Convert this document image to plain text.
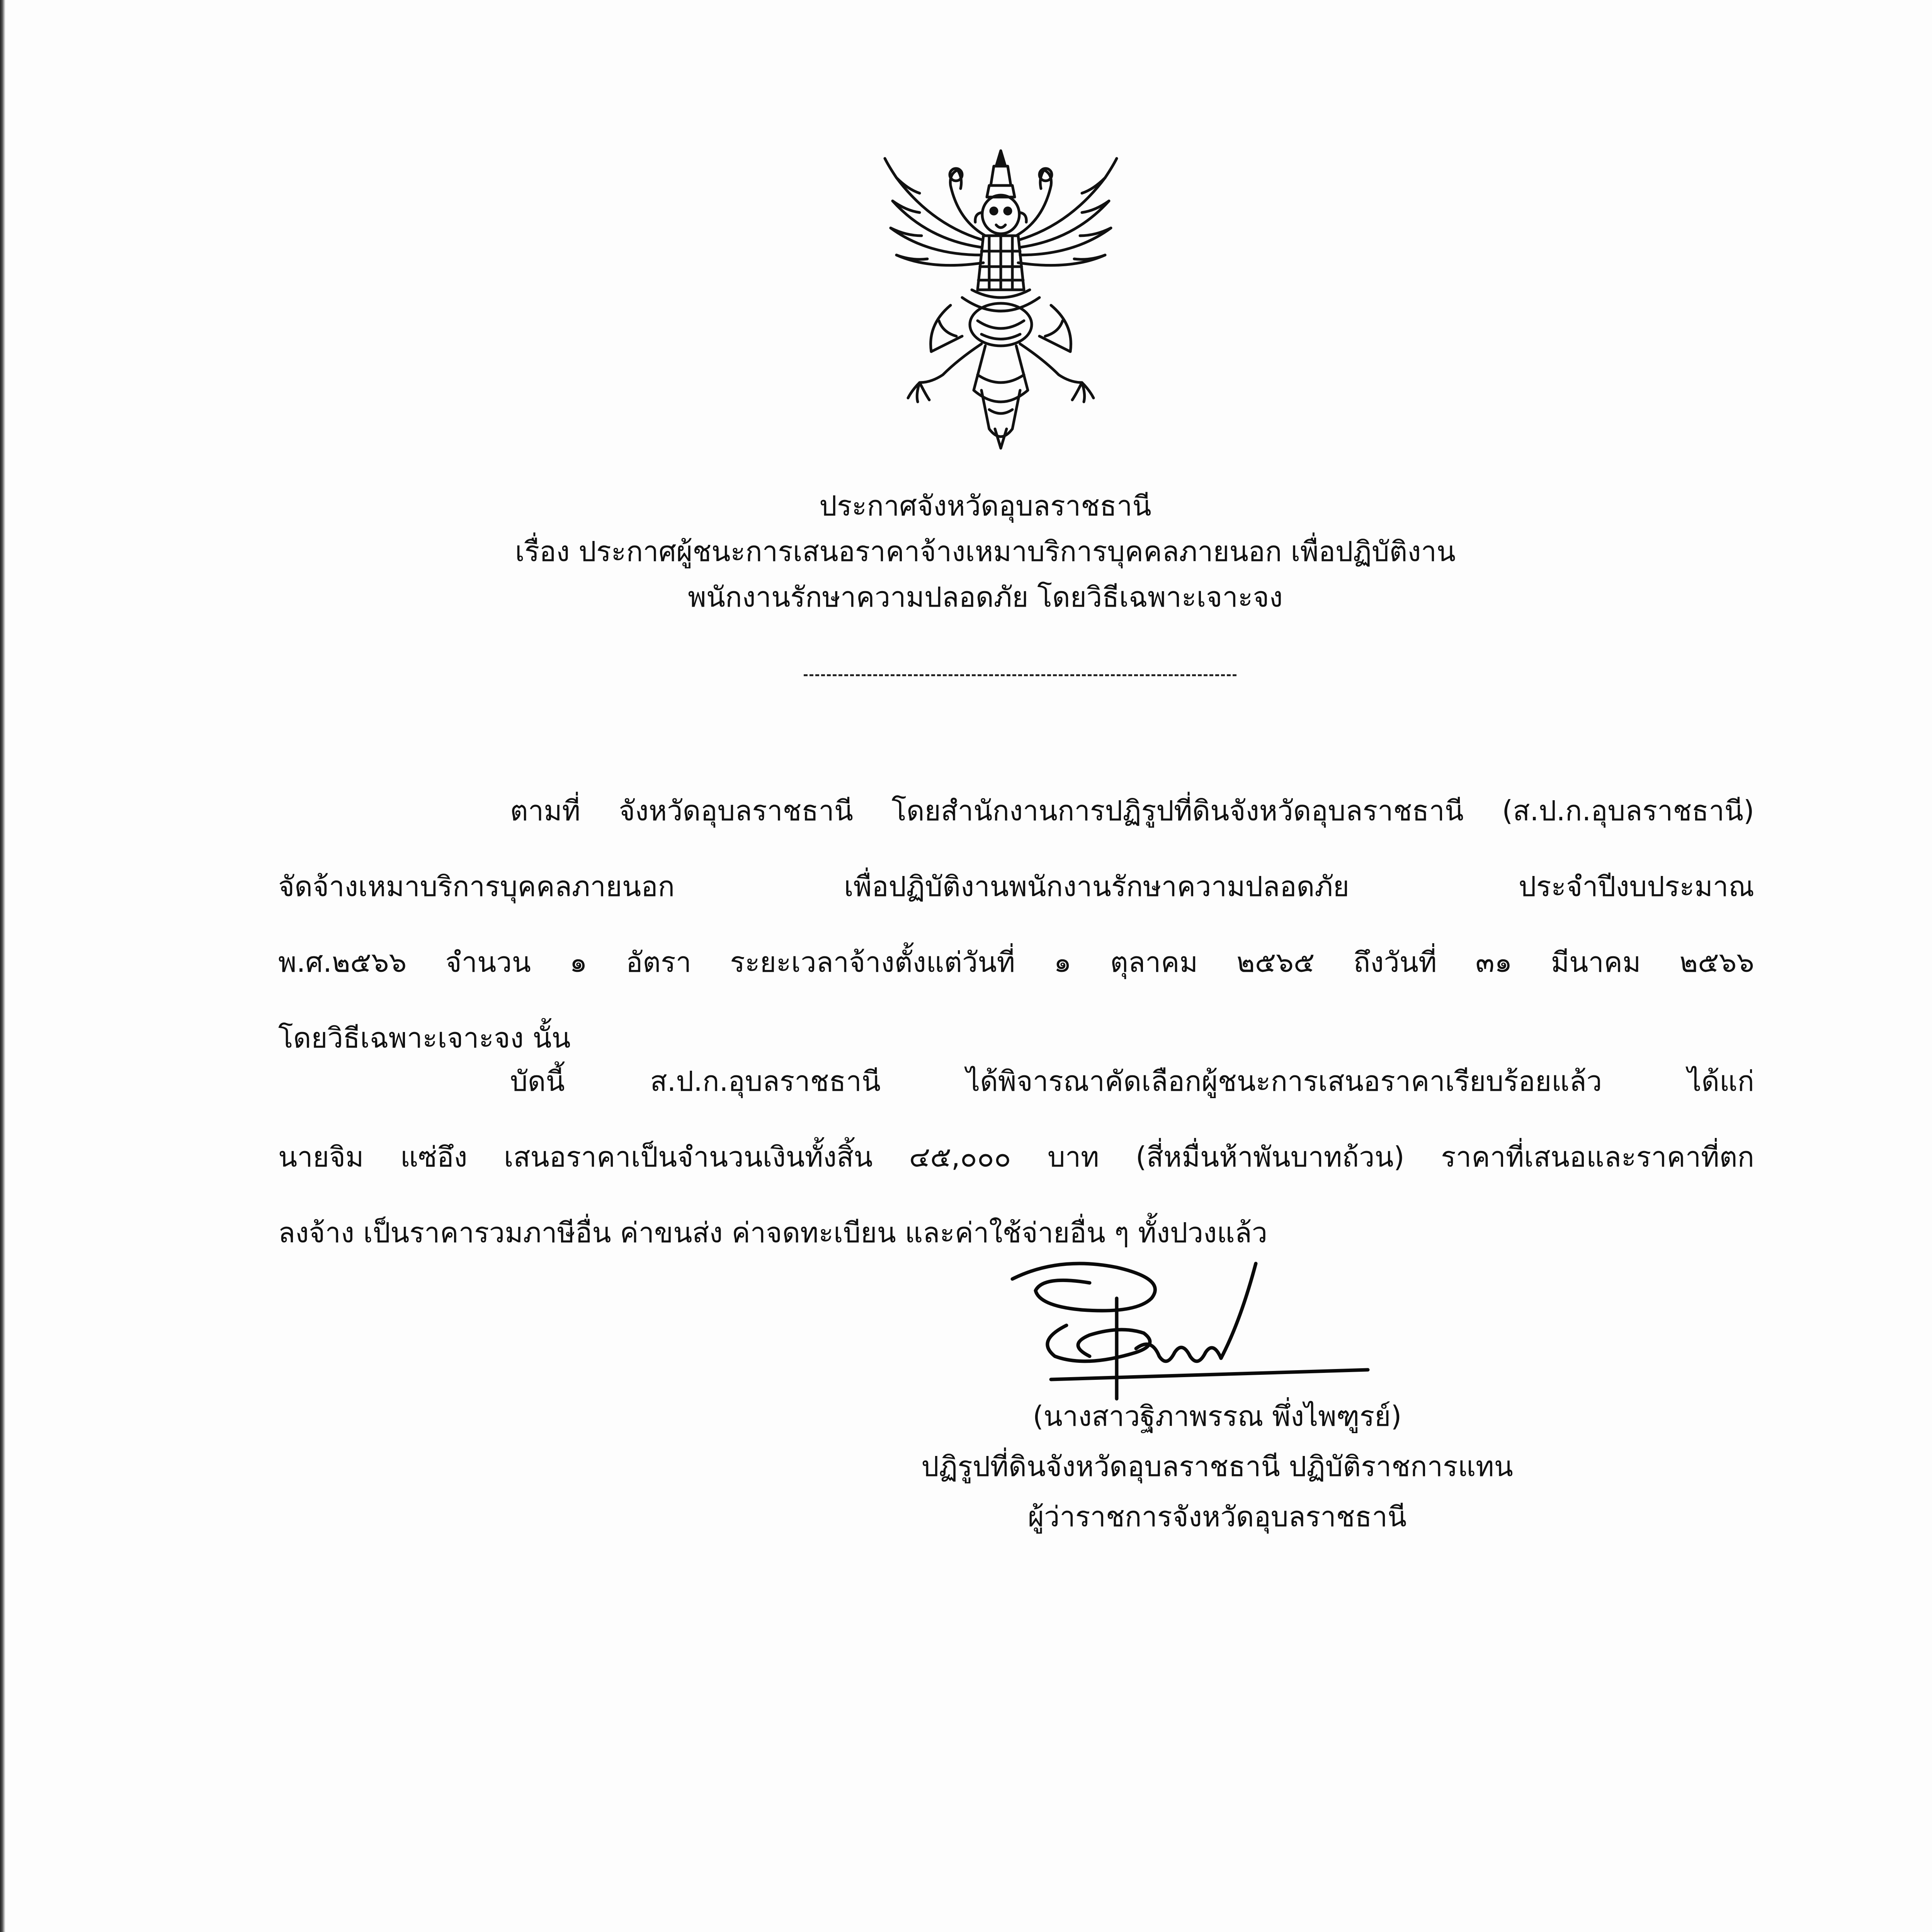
ประกาศจังหวัดอุบลราชธานี
เรื่อง ประกาศผู้ชนะการเสนอราคาจ้างเหมาบริการบุคคลภายนอก เพื่อปฏิบัติงาน
พนักงานรักษาความปลอดภัย โดยวิธีเฉพาะเจาะจง
ตามที่ จังหวัดอุบลราชธานี โดยสำนักงานการปฏิรูปที่ดินจังหวัดอุบลราชธานี (ส.ป.ก.อุบลราชธานี)
จัดจ้างเหมาบริการบุคคลภายนอก เพื่อปฏิบัติงานพนักงานรักษาความปลอดภัย ประจำปีงบประมาณ
พ.ศ.๒๕๖๖ จำนวน ๑ อัตรา ระยะเวลาจ้างตั้งแต่วันที่ ๑ ตุลาคม ๒๕๖๕ ถึงวันที่ ๓๑ มีนาคม ๒๕๖๖
โดยวิธีเฉพาะเจาะจง นั้น
บัดนี้ ส.ป.ก.อุบลราชธานี ได้พิจารณาคัดเลือกผู้ชนะการเสนอราคาเรียบร้อยแล้ว ได้แก่
นายจิม แซ่อึง เสนอราคาเป็นจำนวนเงินทั้งสิ้น ๔๕,๐๐๐ บาท (สี่หมื่นห้าพันบาทถ้วน) ราคาที่เสนอและราคาที่ตก
ลงจ้าง เป็นราคารวมภาษีอื่น ค่าขนส่ง ค่าจดทะเบียน และค่าใช้จ่ายอื่น ๆ ทั้งปวงแล้ว
(นางสาวฐิภาพรรณ พึ่งไพฑูรย์)
ปฏิรูปที่ดินจังหวัดอุบลราชธานี ปฏิบัติราชการแทน
ผู้ว่าราชการจังหวัดอุบลราชธานี
